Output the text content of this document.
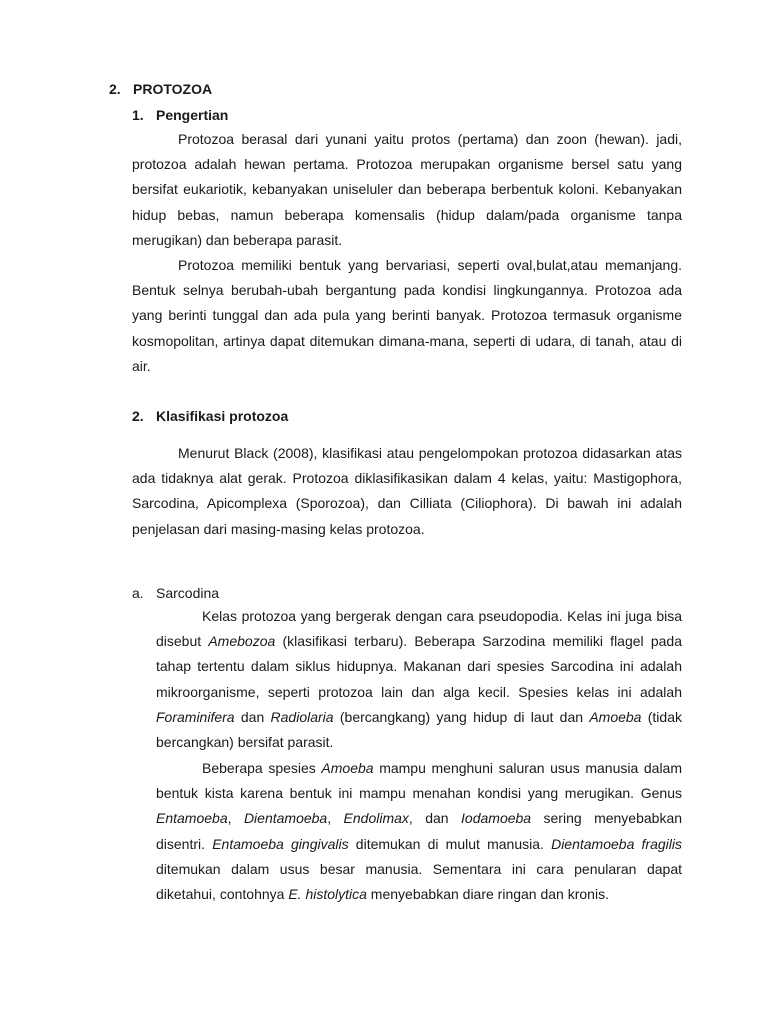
2. PROTOZOA
1. Pengertian

Protozoa berasal dari yunani yaitu protos (pertama) dan zoon (hewan). jadi, protozoa adalah hewan pertama. Protozoa merupakan organisme bersel satu yang bersifat eukariotik, kebanyakan uniseluler dan beberapa berbentuk koloni. Kebanyakan hidup bebas, namun beberapa komensalis (hidup dalam/pada organisme tanpa merugikan) dan beberapa parasit.

Protozoa memiliki bentuk yang bervariasi, seperti oval,bulat,atau memanjang. Bentuk selnya berubah-ubah bergantung pada kondisi lingkungannya. Protozoa ada yang berinti tunggal dan ada pula yang berinti banyak. Protozoa termasuk organisme kosmopolitan, artinya dapat ditemukan dimana-mana, seperti di udara, di tanah, atau di air.

2. Klasifikasi protozoa

Menurut Black (2008), klasifikasi atau pengelompokan protozoa didasarkan atas ada tidaknya alat gerak. Protozoa diklasifikasikan dalam 4 kelas, yaitu: Mastigophora, Sarcodina, Apicomplexa (Sporozoa), dan Cilliata (Ciliophora). Di bawah ini adalah penjelasan dari masing-masing kelas protozoa.

a. Sarcodina

Kelas protozoa yang bergerak dengan cara pseudopodia. Kelas ini juga bisa disebut Amebozoa (klasifikasi terbaru). Beberapa Sarzodina memiliki flagel pada tahap tertentu dalam siklus hidupnya. Makanan dari spesies Sarcodina ini adalah mikroorganisme, seperti protozoa lain dan alga kecil. Spesies kelas ini adalah Foraminifera dan Radiolaria (bercangkang) yang hidup di laut dan Amoeba (tidak bercangkan) bersifat parasit.

Beberapa spesies Amoeba mampu menghuni saluran usus manusia dalam bentuk kista karena bentuk ini mampu menahan kondisi yang merugikan. Genus Entamoeba, Dientamoeba, Endolimax, dan Iodamoeba sering menyebabkan disentri. Entamoeba gingivalis ditemukan di mulut manusia. Dientamoeba fragilis ditemukan dalam usus besar manusia. Sementara ini cara penularan dapat diketahui, contohnya E. histolytica menyebabkan diare ringan dan kronis.
